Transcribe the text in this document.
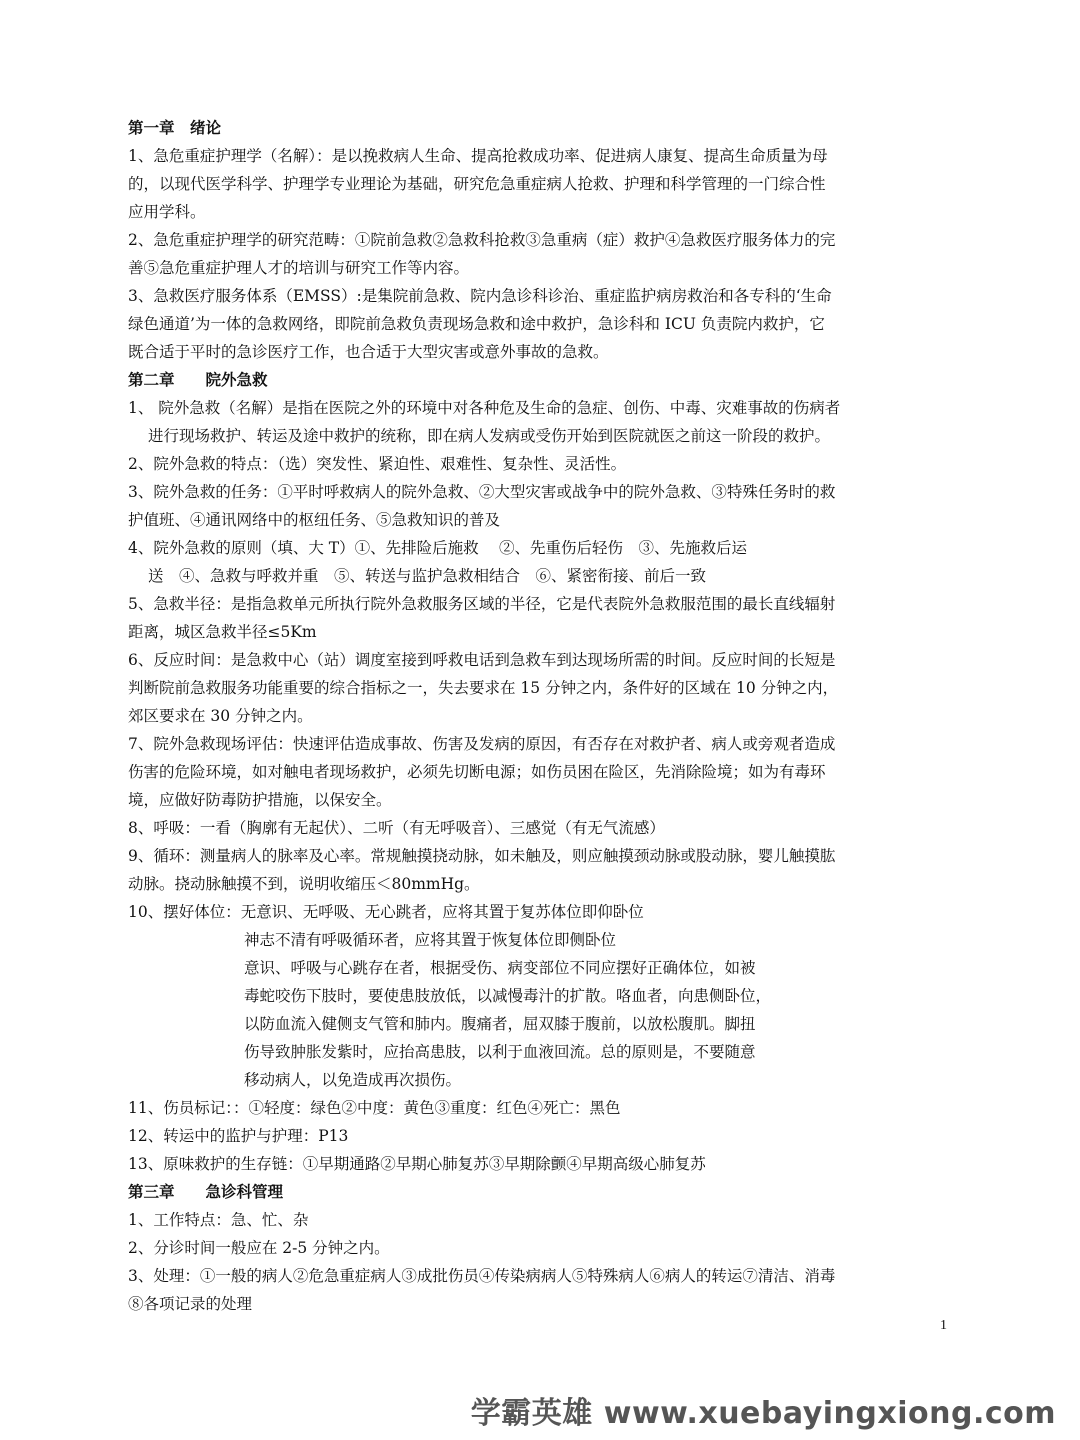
第一章　绪论
1、急危重症护理学（名解）：是以挽救病人生命、提高抢救成功率、促进病人康复、提高生命质量为母
的，以现代医学科学、护理学专业理论为基础，研究危急重症病人抢救、护理和科学管理的一门综合性
应用学科。
2、急危重症护理学的研究范畴：①院前急救②急救科抢救③急重病（症）救护④急救医疗服务体力的完
善⑤急危重症护理人才的培训与研究工作等内容。
3、急救医疗服务体系（EMSS）:是集院前急救、院内急诊科诊治、重症监护病房救治和各专科的‘生命
绿色通道’为一体的急救网络，即院前急救负责现场急救和途中救护，急诊科和 ICU 负责院内救护，它
既合适于平时的急诊医疗工作，也合适于大型灾害或意外事故的急救。
第二章　　院外急救
1、 院外急救（名解）是指在医院之外的环境中对各种危及生命的急症、创伤、中毒、灾难事故的伤病者
进行现场救护、转运及途中救护的统称，即在病人发病或受伤开始到医院就医之前这一阶段的救护。
2、院外急救的特点：（选）突发性、紧迫性、艰难性、复杂性、灵活性。
3、院外急救的任务：①平时呼救病人的院外急救、②大型灾害或战争中的院外急救、③特殊任务时的救
护值班、④通讯网络中的枢纽任务、⑤急救知识的普及
4、院外急救的原则（填、大 T）①、先排险后施救　 ②、先重伤后轻伤　③、先施救后运
送　④、急救与呼救并重　⑤、转送与监护急救相结合　⑥、紧密衔接、前后一致
5、急救半径：是指急救单元所执行院外急救服务区域的半径，它是代表院外急救服范围的最长直线辐射
距离，城区急救半径≤5Km
6、反应时间：是急救中心（站）调度室接到呼救电话到急救车到达现场所需的时间。反应时间的长短是
判断院前急救服务功能重要的综合指标之一，失去要求在 15 分钟之内，条件好的区域在 10 分钟之内，
郊区要求在 30 分钟之内。
7、院外急救现场评估：快速评估造成事故、伤害及发病的原因，有否存在对救护者、病人或旁观者造成
伤害的危险环境，如对触电者现场救护，必须先切断电源；如伤员困在险区，先消除险境；如为有毒环
境，应做好防毒防护措施，以保安全。
8、呼吸：一看（胸廓有无起伏）、二听（有无呼吸音）、三感觉（有无气流感）
9、循环：测量病人的脉率及心率。常规触摸挠动脉，如未触及，则应触摸颈动脉或股动脉，婴儿触摸肱
动脉。挠动脉触摸不到，说明收缩压＜80mmHg。
10、摆好体位：无意识、无呼吸、无心跳者，应将其置于复苏体位即仰卧位
神志不清有呼吸循环者，应将其置于恢复体位即侧卧位
意识、呼吸与心跳存在者，根据受伤、病变部位不同应摆好正确体位，如被
毒蛇咬伤下肢时，要使患肢放低，以减慢毒汁的扩散。咯血者，向患侧卧位，
以防血流入健侧支气管和肺内。腹痛者，屈双膝于腹前，以放松腹肌。脚扭
伤导致肿胀发紫时，应抬高患肢，以利于血液回流。总的原则是，不要随意
移动病人，以免造成再次损伤。
11、伤员标记：：①轻度：绿色②中度：黄色③重度：红色④死亡：黑色
12、转运中的监护与护理：P13
13、原味救护的生存链：①早期通路②早期心肺复苏③早期除颤④早期高级心肺复苏
第三章　　急诊科管理
1、工作特点：急、忙、杂
2、分诊时间一般应在 2-5 分钟之内。
3、处理：①一般的病人②危急重症病人③成批伤员④传染病病人⑤特殊病人⑥病人的转运⑦清洁、消毒
⑧各项记录的处理
1
学霸英雄 www.xuebayingxiong.com
